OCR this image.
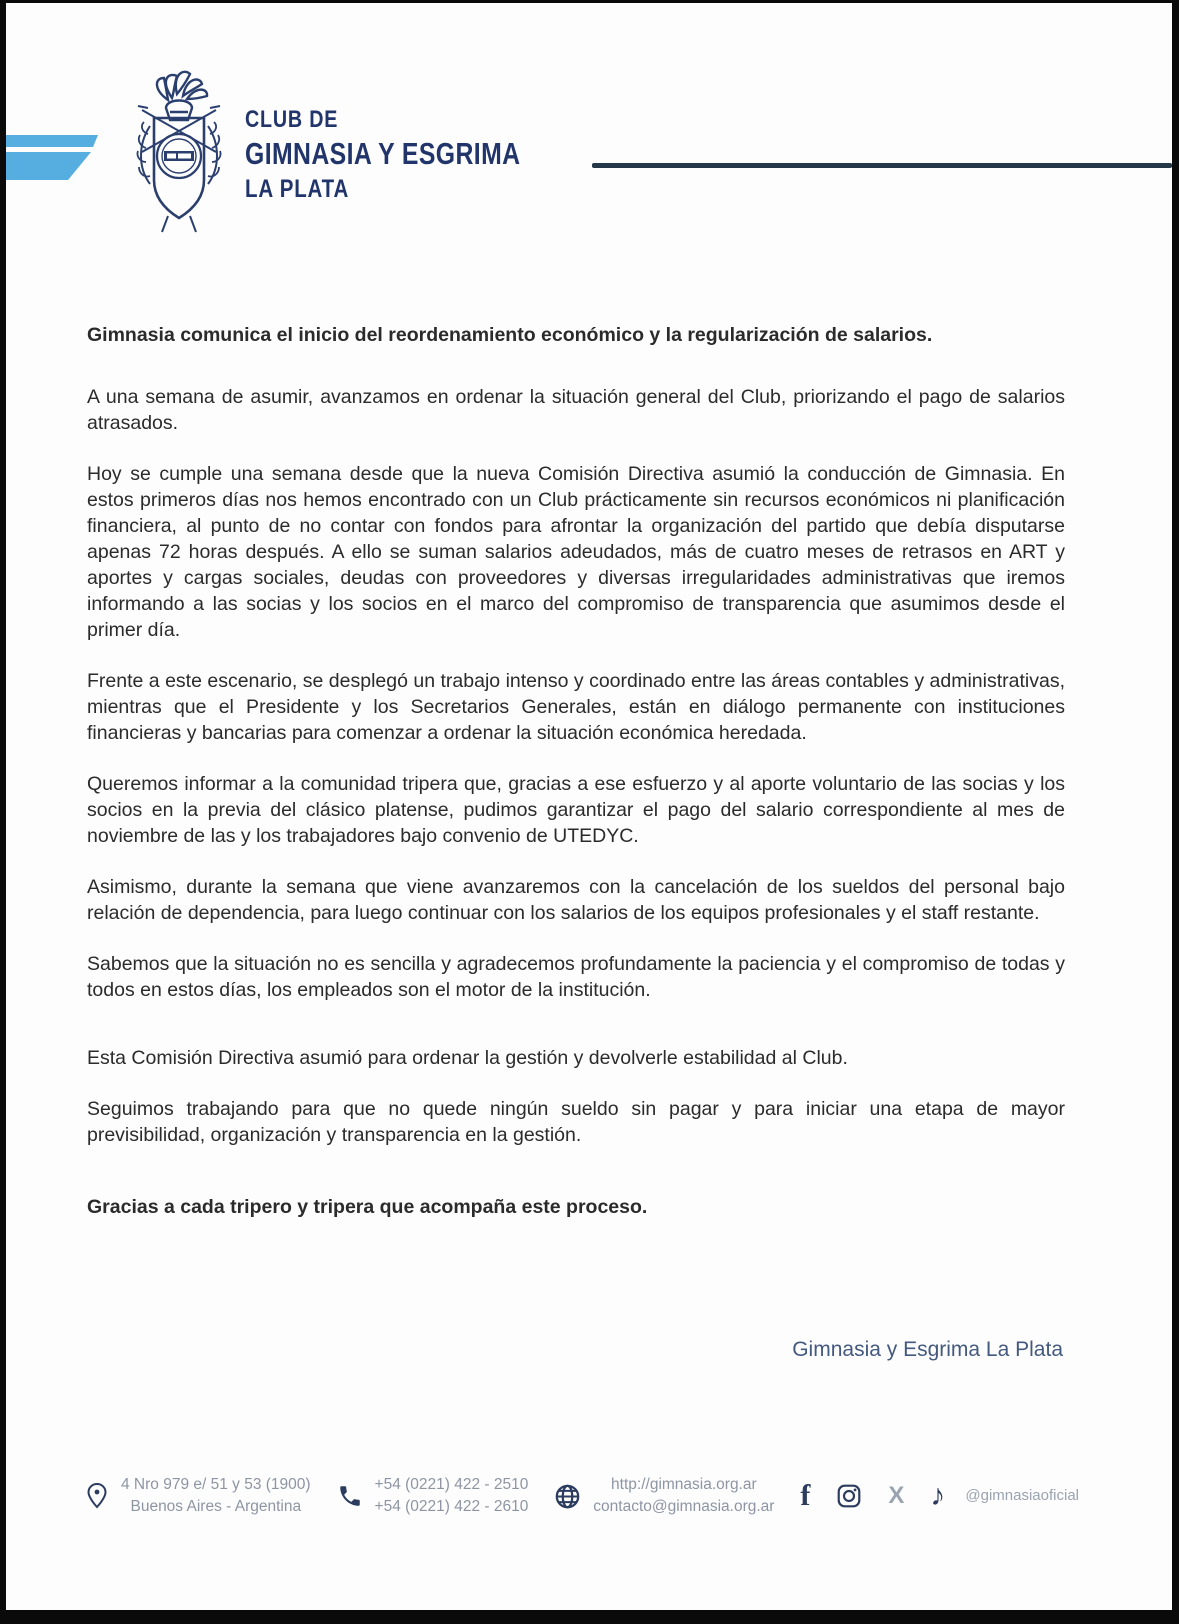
CLUB DE
GIMNASIA Y ESGRIMA
LA PLATA

Gimnasia comunica el inicio del reordenamiento económico y la regularización de salarios.

A una semana de asumir, avanzamos en ordenar la situación general del Club, priorizando el pago de salarios atrasados.

Hoy se cumple una semana desde que la nueva Comisión Directiva asumió la conducción de Gimnasia. En estos primeros días nos hemos encontrado con un Club prácticamente sin recursos económicos ni planificación financiera, al punto de no contar con fondos para afrontar la organización del partido que debía disputarse apenas 72 horas después. A ello se suman salarios adeudados, más de cuatro meses de retrasos en ART y aportes y cargas sociales, deudas con proveedores y diversas irregularidades administrativas que iremos informando a las socias y los socios en el marco del compromiso de transparencia que asumimos desde el primer día.

Frente a este escenario, se desplegó un trabajo intenso y coordinado entre las áreas contables y administrativas, mientras que el Presidente y los Secretarios Generales, están en diálogo permanente con instituciones financieras y bancarias para comenzar a ordenar la situación económica heredada.

Queremos informar a la comunidad tripera que, gracias a ese esfuerzo y al aporte voluntario de las socias y los socios en la previa del clásico platense, pudimos garantizar el pago del salario correspondiente al mes de noviembre de las y los trabajadores bajo convenio de UTEDYC.

Asimismo, durante la semana que viene avanzaremos con la cancelación de los sueldos del personal bajo relación de dependencia, para luego continuar con los salarios de los equipos profesionales y el staff restante.

Sabemos que la situación no es sencilla y agradecemos profundamente la paciencia y el compromiso de todas y todos en estos días, los empleados son el motor de la institución.

Esta Comisión Directiva asumió para ordenar la gestión y devolverle estabilidad al Club.

Seguimos trabajando para que no quede ningún sueldo sin pagar y para iniciar una etapa de mayor previsibilidad, organización y transparencia en la gestión.

Gracias a cada tripero y tripera que acompaña este proceso.

Gimnasia y Esgrima La Plata
4 Nro 979 e/ 51 y 53 (1900)
Buenos Aires - Argentina
+54 (0221) 422 - 2510
+54 (0221) 422 - 2610
http://gimnasia.org.ar
contacto@gimnasia.org.ar f	X ♪ @gimnasiaoficial
